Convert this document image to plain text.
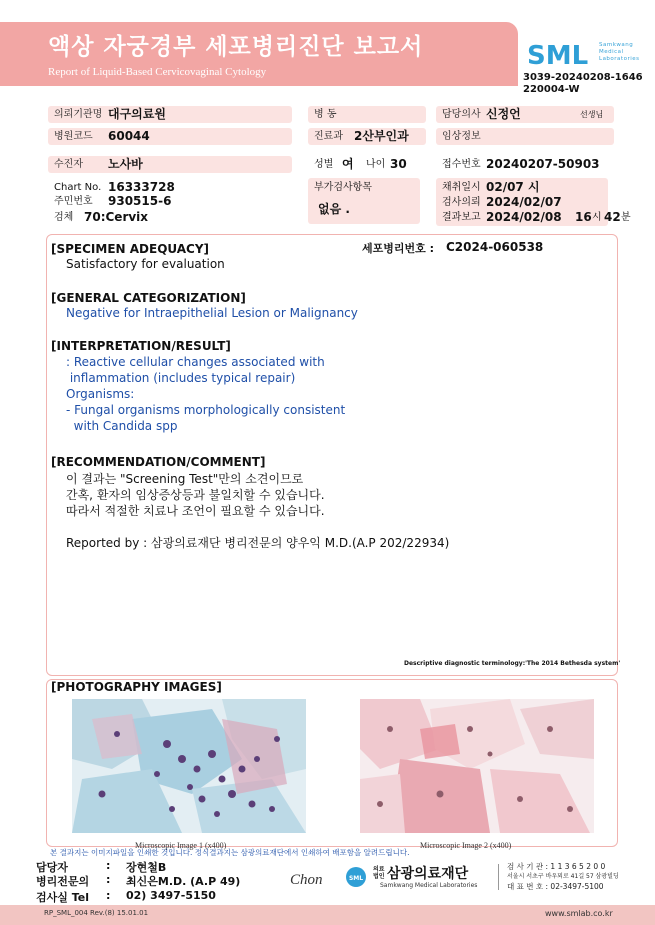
액상 자궁경부 세포병리진단 보고서
Report of Liquid-Based Cervicovaginal Cytology
SML Samkwang
Medical
Laboratories
3039-20240208-1646
220004-W
의뢰기관명 대구의료원	병 동	담당의사 신정언	선생님
병원코드	60044	진료과 2산부인과	임상정보
수진자	노사바	성별 여 나이 30	접수번호 20240207-50903
Chart No. 16333728
주민번호 930515-6
검체 70:Cervix
부가검사항목
없음 .
채취일시 02/07 시
검사의뢰 2024/02/07
결과보고 2024/02/08 16 시 42 분
[SPECIMEN ADEQUACY]	세포병리번호 : C2024-060538
Satisfactory for evaluation
[GENERAL CATEGORIZATION]
Negative for Intraepithelial Lesion or Malignancy
[INTERPRETATION/RESULT]
: Reactive cellular changes associated with
inflammation (includes typical repair)
Organisms:
- Fungal organisms morphologically consistent
with Candida spp
[RECOMMENDATION/COMMENT]
이 결과는 "Screening Test"만의 소견이므로
간혹, 환자의 임상증상등과 불일치할 수 있습니다.
따라서 적절한 치료나 조언이 필요할 수 있습니다.
Reported by : 삼광의료재단 병리전문의 양우익 M.D.(A.P 202/22934)
Descriptive diagnostic terminology:'The 2014 Bethesda system'
[PHOTOGRAPHY IMAGES]
Microscopic Image 1 (x400)	Microscopic Image 2 (x400)
본 결과지는 이미지파일을 인쇄한 것입니다. 정식결과지는 삼광의료재단에서 인쇄하여 배포함을 알려드립니다.
담당자	: 장현철B
병리전문의 : 최신은M.D. (A.P 49)
검사실 Tel : 02) 3497-5150
Chon	SML
의료
법인 삼광의료재단
Samkwang Medical Laboratories
검 사 기 관 : 1 1 3 6 5 2 0 0
서울시 서초구 바우뫼로 41길 57 삼광빌딩
대 표 번 호 : 02-3497-5100
RP_SML_004 Rev.(8) 15.01.01	www.smlab.co.kr
